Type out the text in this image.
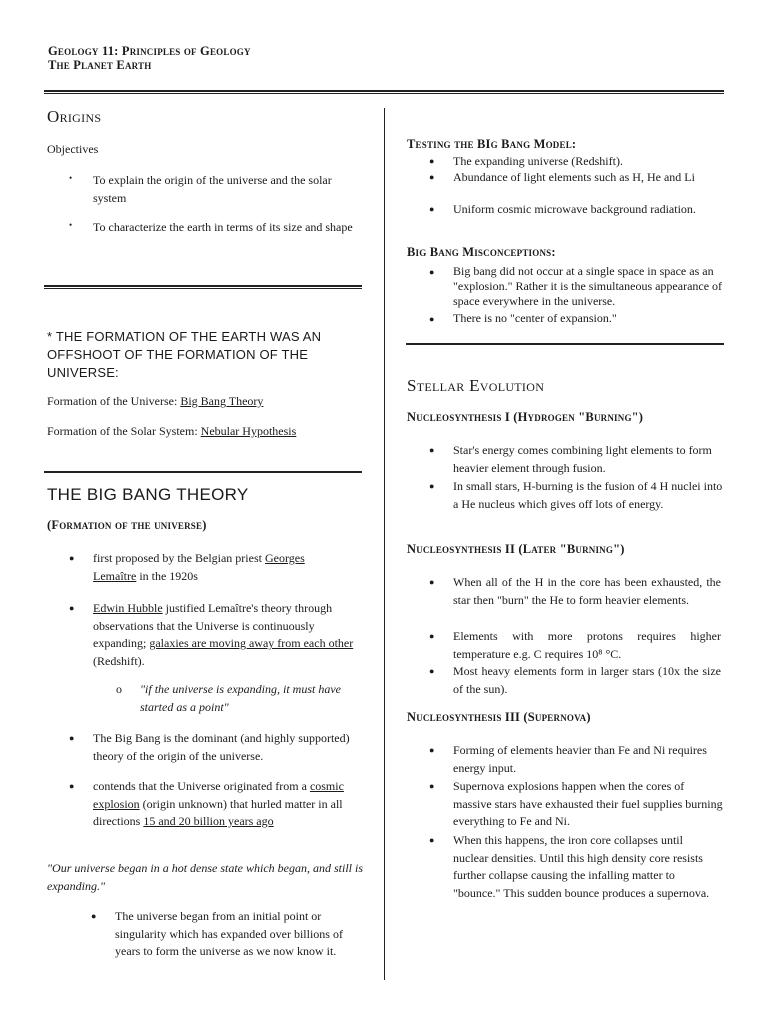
Geology 11: Principles of Geology
The Planet Earth
Origins
Objectives
• To explain the origin of the universe and the solar system
• To characterize the earth in terms of its size and shape
* THE FORMATION OF THE EARTH WAS AN OFFSHOOT OF THE FORMATION OF THE UNIVERSE:
Formation of the Universe: Big Bang Theory
Formation of the Solar System: Nebular Hypothesis
THE BIG BANG THEORY
(Formation of the universe)
● first proposed by the Belgian priest Georges Lemaître in the 1920s
● Edwin Hubble justified Lemaître's theory through observations that the Universe is continuously expanding; galaxies are moving away from each other (Redshift).
o "if the universe is expanding, it must have started as a point"
● The Big Bang is the dominant (and highly supported) theory of the origin of the universe.
● contends that the Universe originated from a cosmic explosion (origin unknown) that hurled matter in all directions 15 and 20 billion years ago
"Our universe began in a hot dense state which began, and still is expanding."
● The universe began from an initial point or singularity which has expanded over billions of years to form the universe as we now know it.
Testing the BIg Bang Model:
● The expanding universe (Redshift).
● Abundance of light elements such as H, He and Li
● Uniform cosmic microwave background radiation.
Big Bang Misconceptions:
● Big bang did not occur at a single space in space as an "explosion." Rather it is the simultaneous appearance of space everywhere in the universe.
● There is no "center of expansion."
Stellar Evolution
Nucleosynthesis I (Hydrogen "Burning")
● Star's energy comes combining light elements to form heavier element through fusion.
● In small stars, H-burning is the fusion of 4 H nuclei into a He nucleus which gives off lots of energy.
Nucleosynthesis II (Later "Burning")
● When all of the H in the core has been exhausted, the star then "burn" the He to form heavier elements.
● Elements with more protons requires higher temperature e.g. C requires 10⁸ °C.
● Most heavy elements form in larger stars (10x the size of the sun).
Nucleosynthesis III (Supernova)
● Forming of elements heavier than Fe and Ni requires energy input.
● Supernova explosions happen when the cores of massive stars have exhausted their fuel supplies burning everything to Fe and Ni.
● When this happens, the iron core collapses until nuclear densities. Until this high density core resists further collapse causing the infalling matter to "bounce." This sudden bounce produces a supernova.
